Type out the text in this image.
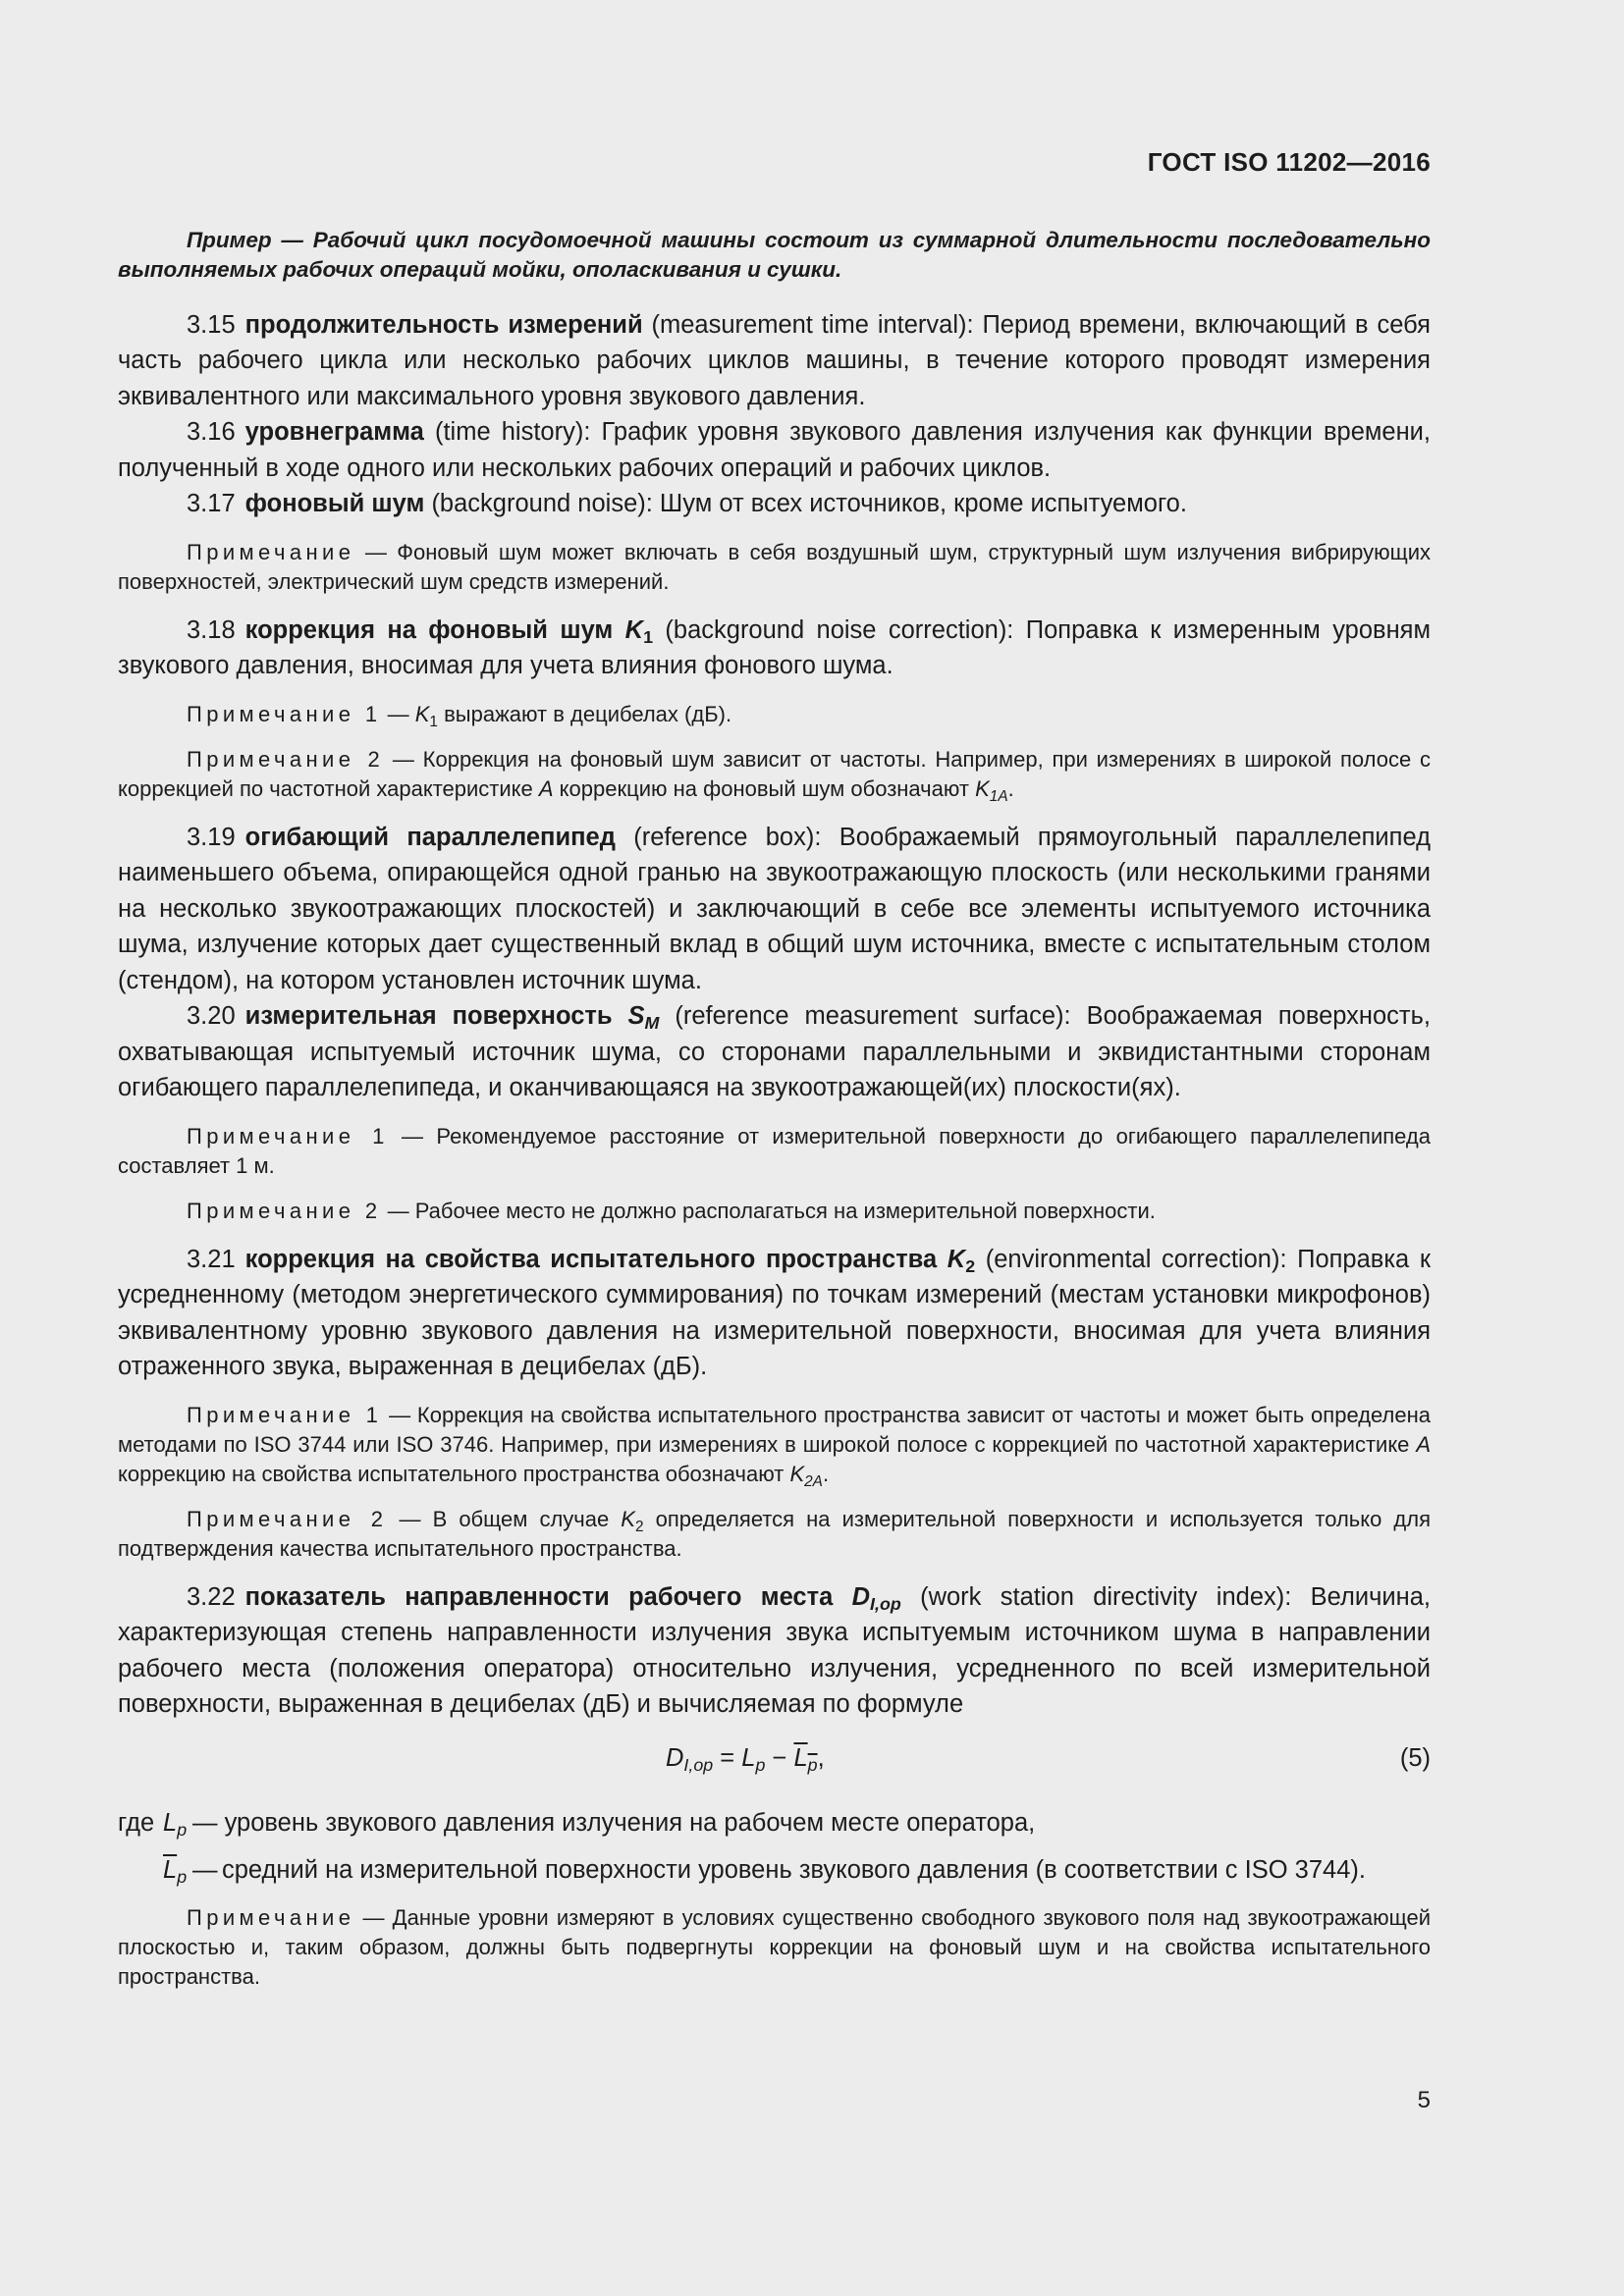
ГОСТ ISO 11202—2016

Пример — Рабочий цикл посудомоечной машины состоит из суммарной длительности последовательно выполняемых рабочих операций мойки, ополаскивания и сушки.

3.15 продолжительность измерений (measurement time interval): Период времени, включающий в себя часть рабочего цикла или несколько рабочих циклов машины, в течение которого проводят измерения эквивалентного или максимального уровня звукового давления.

3.16 уровнеграмма (time history): График уровня звукового давления излучения как функции времени, полученный в ходе одного или нескольких рабочих операций и рабочих циклов.

3.17 фоновый шум (background noise): Шум от всех источников, кроме испытуемого.

Примечание — Фоновый шум может включать в себя воздушный шум, структурный шум излучения вибрирующих поверхностей, электрический шум средств измерений.

3.18 коррекция на фоновый шум $K_1$ (background noise correction): Поправка к измеренным уровням звукового давления, вносимая для учета влияния фонового шума.

Примечание 1 — $K_1$ выражают в децибелах (дБ).

Примечание 2 — Коррекция на фоновый шум зависит от частоты. Например, при измерениях в широкой полосе с коррекцией по частотной характеристике A коррекцию на фоновый шум обозначают $K_{1A}$.

3.19 огибающий параллелепипед (reference box): Воображаемый прямоугольный параллелепипед наименьшего объема, опирающейся одной гранью на звукоотражающую плоскость (или несколькими гранями на несколько звукоотражающих плоскостей) и заключающий в себе все элементы испытуемого источника шума, излучение которых дает существенный вклад в общий шум источника, вместе с испытательным столом (стендом), на котором установлен источник шума.

3.20 измерительная поверхность $S_M$ (reference measurement surface): Воображаемая поверхность, охватывающая испытуемый источник шума, со сторонами параллельными и эквидистантными сторонам огибающего параллелепипеда, и оканчивающаяся на звукоотражающей(их) плоскости(ях).

Примечание 1 — Рекомендуемое расстояние от измерительной поверхности до огибающего параллелепипеда составляет 1 м.

Примечание 2 — Рабочее место не должно располагаться на измерительной поверхности.

3.21 коррекция на свойства испытательного пространства $K_2$ (environmental correction): Поправка к усредненному (методом энергетического суммирования) по точкам измерений (местам установки микрофонов) эквивалентному уровню звукового давления на измерительной поверхности, вносимая для учета влияния отраженного звука, выраженная в децибелах (дБ).

Примечание 1 — Коррекция на свойства испытательного пространства зависит от частоты и может быть определена методами по ISO 3744 или ISO 3746. Например, при измерениях в широкой полосе с коррекцией по частотной характеристике A коррекцию на свойства испытательного пространства обозначают $K_{2A}$.

Примечание 2 — В общем случае $K_2$ определяется на измерительной поверхности и используется только для подтверждения качества испытательного пространства.

3.22 показатель направленности рабочего места $D_{I,op}$ (work station directivity index): Величина, характеризующая степень направленности излучения звука испытуемым источником шума в направлении рабочего места (положения оператора) относительно излучения, усредненного по всей измерительной поверхности, выраженная в децибелах (дБ) и вычисляемая по формуле

$D_{I,op} = L_p - L_p$,	(5)
где $L_p$ — уровень звукового давления излучения на рабочем месте оператора,
$\overline{L}_p$ — средний на измерительной поверхности уровень звукового давления (в соответствии с ISO 3744).

Примечание — Данные уровни измеряют в условиях существенно свободного звукового поля над звукоотражающей плоскостью и, таким образом, должны быть подвергнуты коррекции на фоновый шум и на свойства испытательного пространства.

5
